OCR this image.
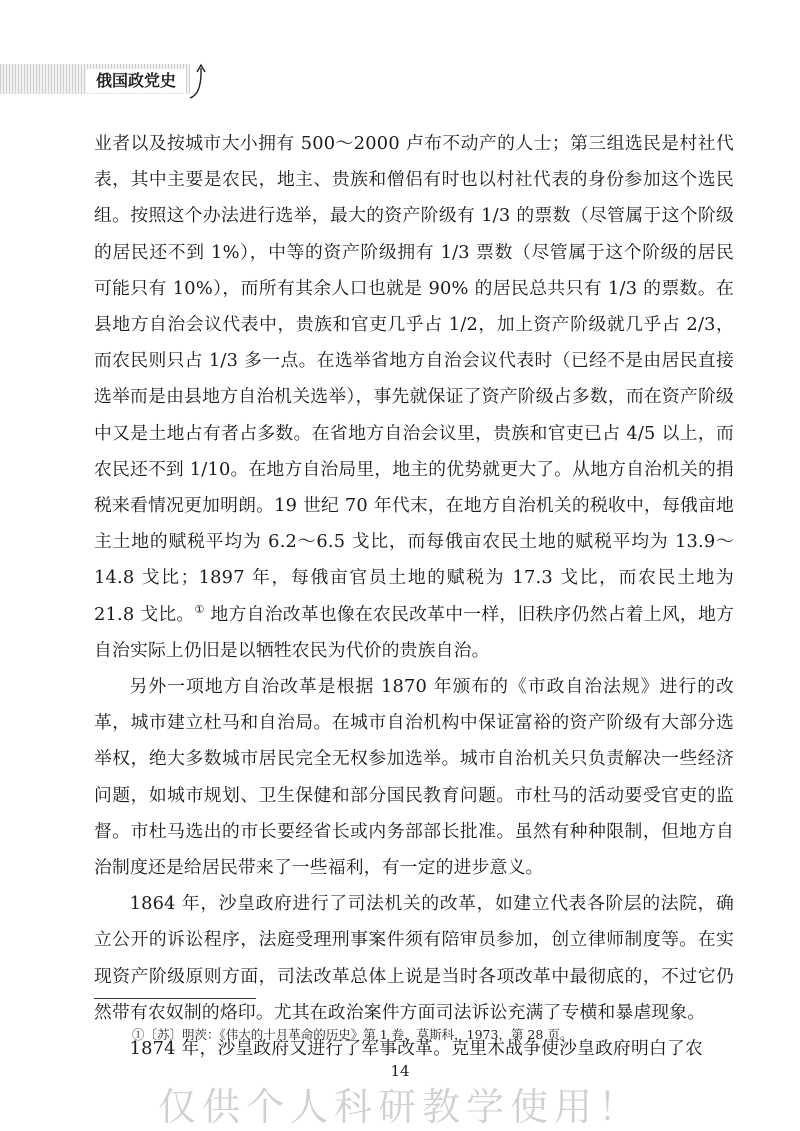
俄国政党史

业者以及按城市大小拥有 500～2000 卢布不动产的人士；第三组选民是村社代表，其中主要是农民，地主、贵族和僧侣有时也以村社代表的身份参加这个选民组。按照这个办法进行选举，最大的资产阶级有 1/3 的票数（尽管属于这个阶级的居民还不到 1%），中等的资产阶级拥有 1/3 票数（尽管属于这个阶级的居民可能只有 10%），而所有其余人口也就是 90% 的居民总共只有 1/3 的票数。在县地方自治会议代表中，贵族和官吏几乎占 1/2，加上资产阶级就几乎占 2/3，而农民则只占 1/3 多一点。在选举省地方自治会议代表时（已经不是由居民直接选举而是由县地方自治机关选举），事先就保证了资产阶级占多数，而在资产阶级中又是土地占有者占多数。在省地方自治会议里，贵族和官吏已占 4/5 以上，而农民还不到 1/10。在地方自治局里，地主的优势就更大了。从地方自治机关的捐税来看情况更加明朗。19 世纪 70 年代末，在地方自治机关的税收中，每俄亩地主土地的赋税平均为 6.2～6.5 戈比，而每俄亩农民土地的赋税平均为 13.9～14.8 戈比；1897 年，每俄亩官员土地的赋税为 17.3 戈比，而农民土地为 21.8 戈比。① 地方自治改革也像在农民改革中一样，旧秩序仍然占着上风，地方自治实际上仍旧是以牺牲农民为代价的贵族自治。

另外一项地方自治改革是根据 1870 年颁布的《市政自治法规》进行的改革，城市建立杜马和自治局。在城市自治机构中保证富裕的资产阶级有大部分选举权，绝大多数城市居民完全无权参加选举。城市自治机关只负责解决一些经济问题，如城市规划、卫生保健和部分国民教育问题。市杜马的活动要受官吏的监督。市杜马选出的市长要经省长或内务部部长批准。虽然有种种限制，但地方自治制度还是给居民带来了一些福利，有一定的进步意义。

1864 年，沙皇政府进行了司法机关的改革，如建立代表各阶层的法院，确立公开的诉讼程序，法庭受理刑事案件须有陪审员参加，创立律师制度等。在实现资产阶级原则方面，司法改革总体上说是当时各项改革中最彻底的，不过它仍然带有农奴制的烙印。尤其在政治案件方面司法诉讼充满了专横和暴虐现象。

1874 年，沙皇政府又进行了军事改革。克里木战争使沙皇政府明白了农

①〔苏〕明茨：《伟大的十月革命的历史》第 1 卷，莫斯科，1973，第 28 页。
14
仅供个人科研教学使用！
